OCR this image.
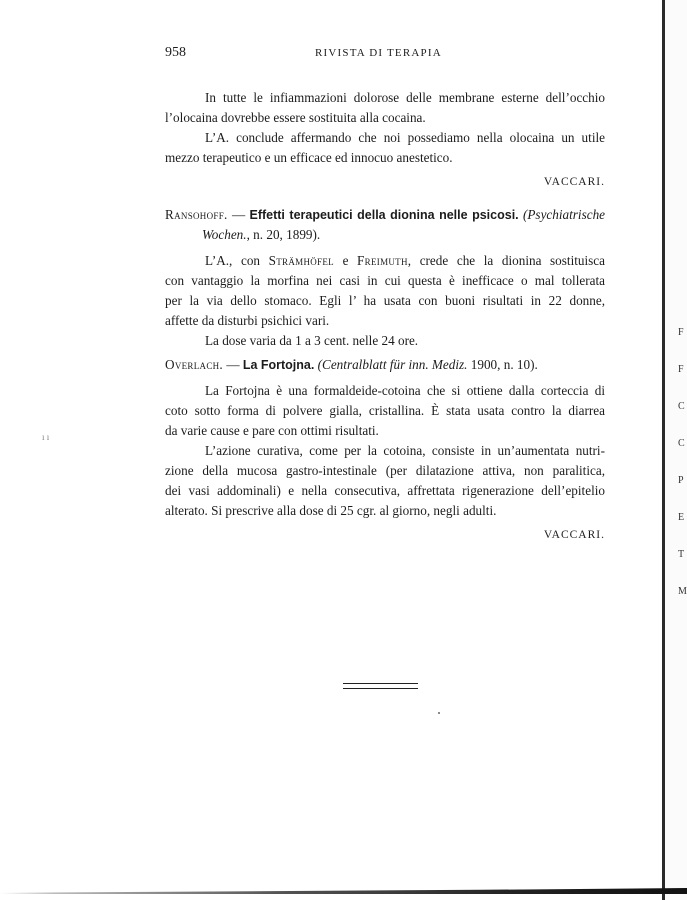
F
F
C
C
P
E
T
M
ı ı
958	RIVISTA DI TERAPIA
In tutte le infiammazioni dolorose delle membrane esterne dell’occhio
l’olocaina dovrebbe essere sostituita alla cocaina.
L’A. conclude affermando che noi possediamo nella olocaina un utile
mezzo terapeutico e un efficace ed innocuo anestetico.
VACCARI.
Ransohoff. — Effetti terapeutici della dionina nelle psicosi. (Psychiatrische
Wochen., n. 20, 1899).
L’A., con Strämhöfel e Freimuth, crede che la dionina sostituisca
con vantaggio la morfina nei casi in cui questa è inefficace o mal tollerata
per la via dello stomaco. Egli l’ ha usata con buoni risultati in 22 donne,
affette da disturbi psichici vari.
La dose varia da 1 a 3 cent. nelle 24 ore.
Overlach. — La Fortojna. (Centralblatt für inn. Mediz. 1900, n. 10).
La Fortojna è una formaldeide-cotoina che si ottiene dalla corteccia di
coto sotto forma di polvere gialla, cristallina. È stata usata contro la diarrea
da varie cause e pare con ottimi risultati.
L’azione curativa, come per la cotoina, consiste in un’aumentata nutri-
zione della mucosa gastro-intestinale (per dilatazione attiva, non paralitica,
dei vasi addominali) e nella consecutiva, affrettata rigenerazione dell’epitelio
alterato. Si prescrive alla dose di 25 cgr. al giorno, negli adulti.
VACCARI.
